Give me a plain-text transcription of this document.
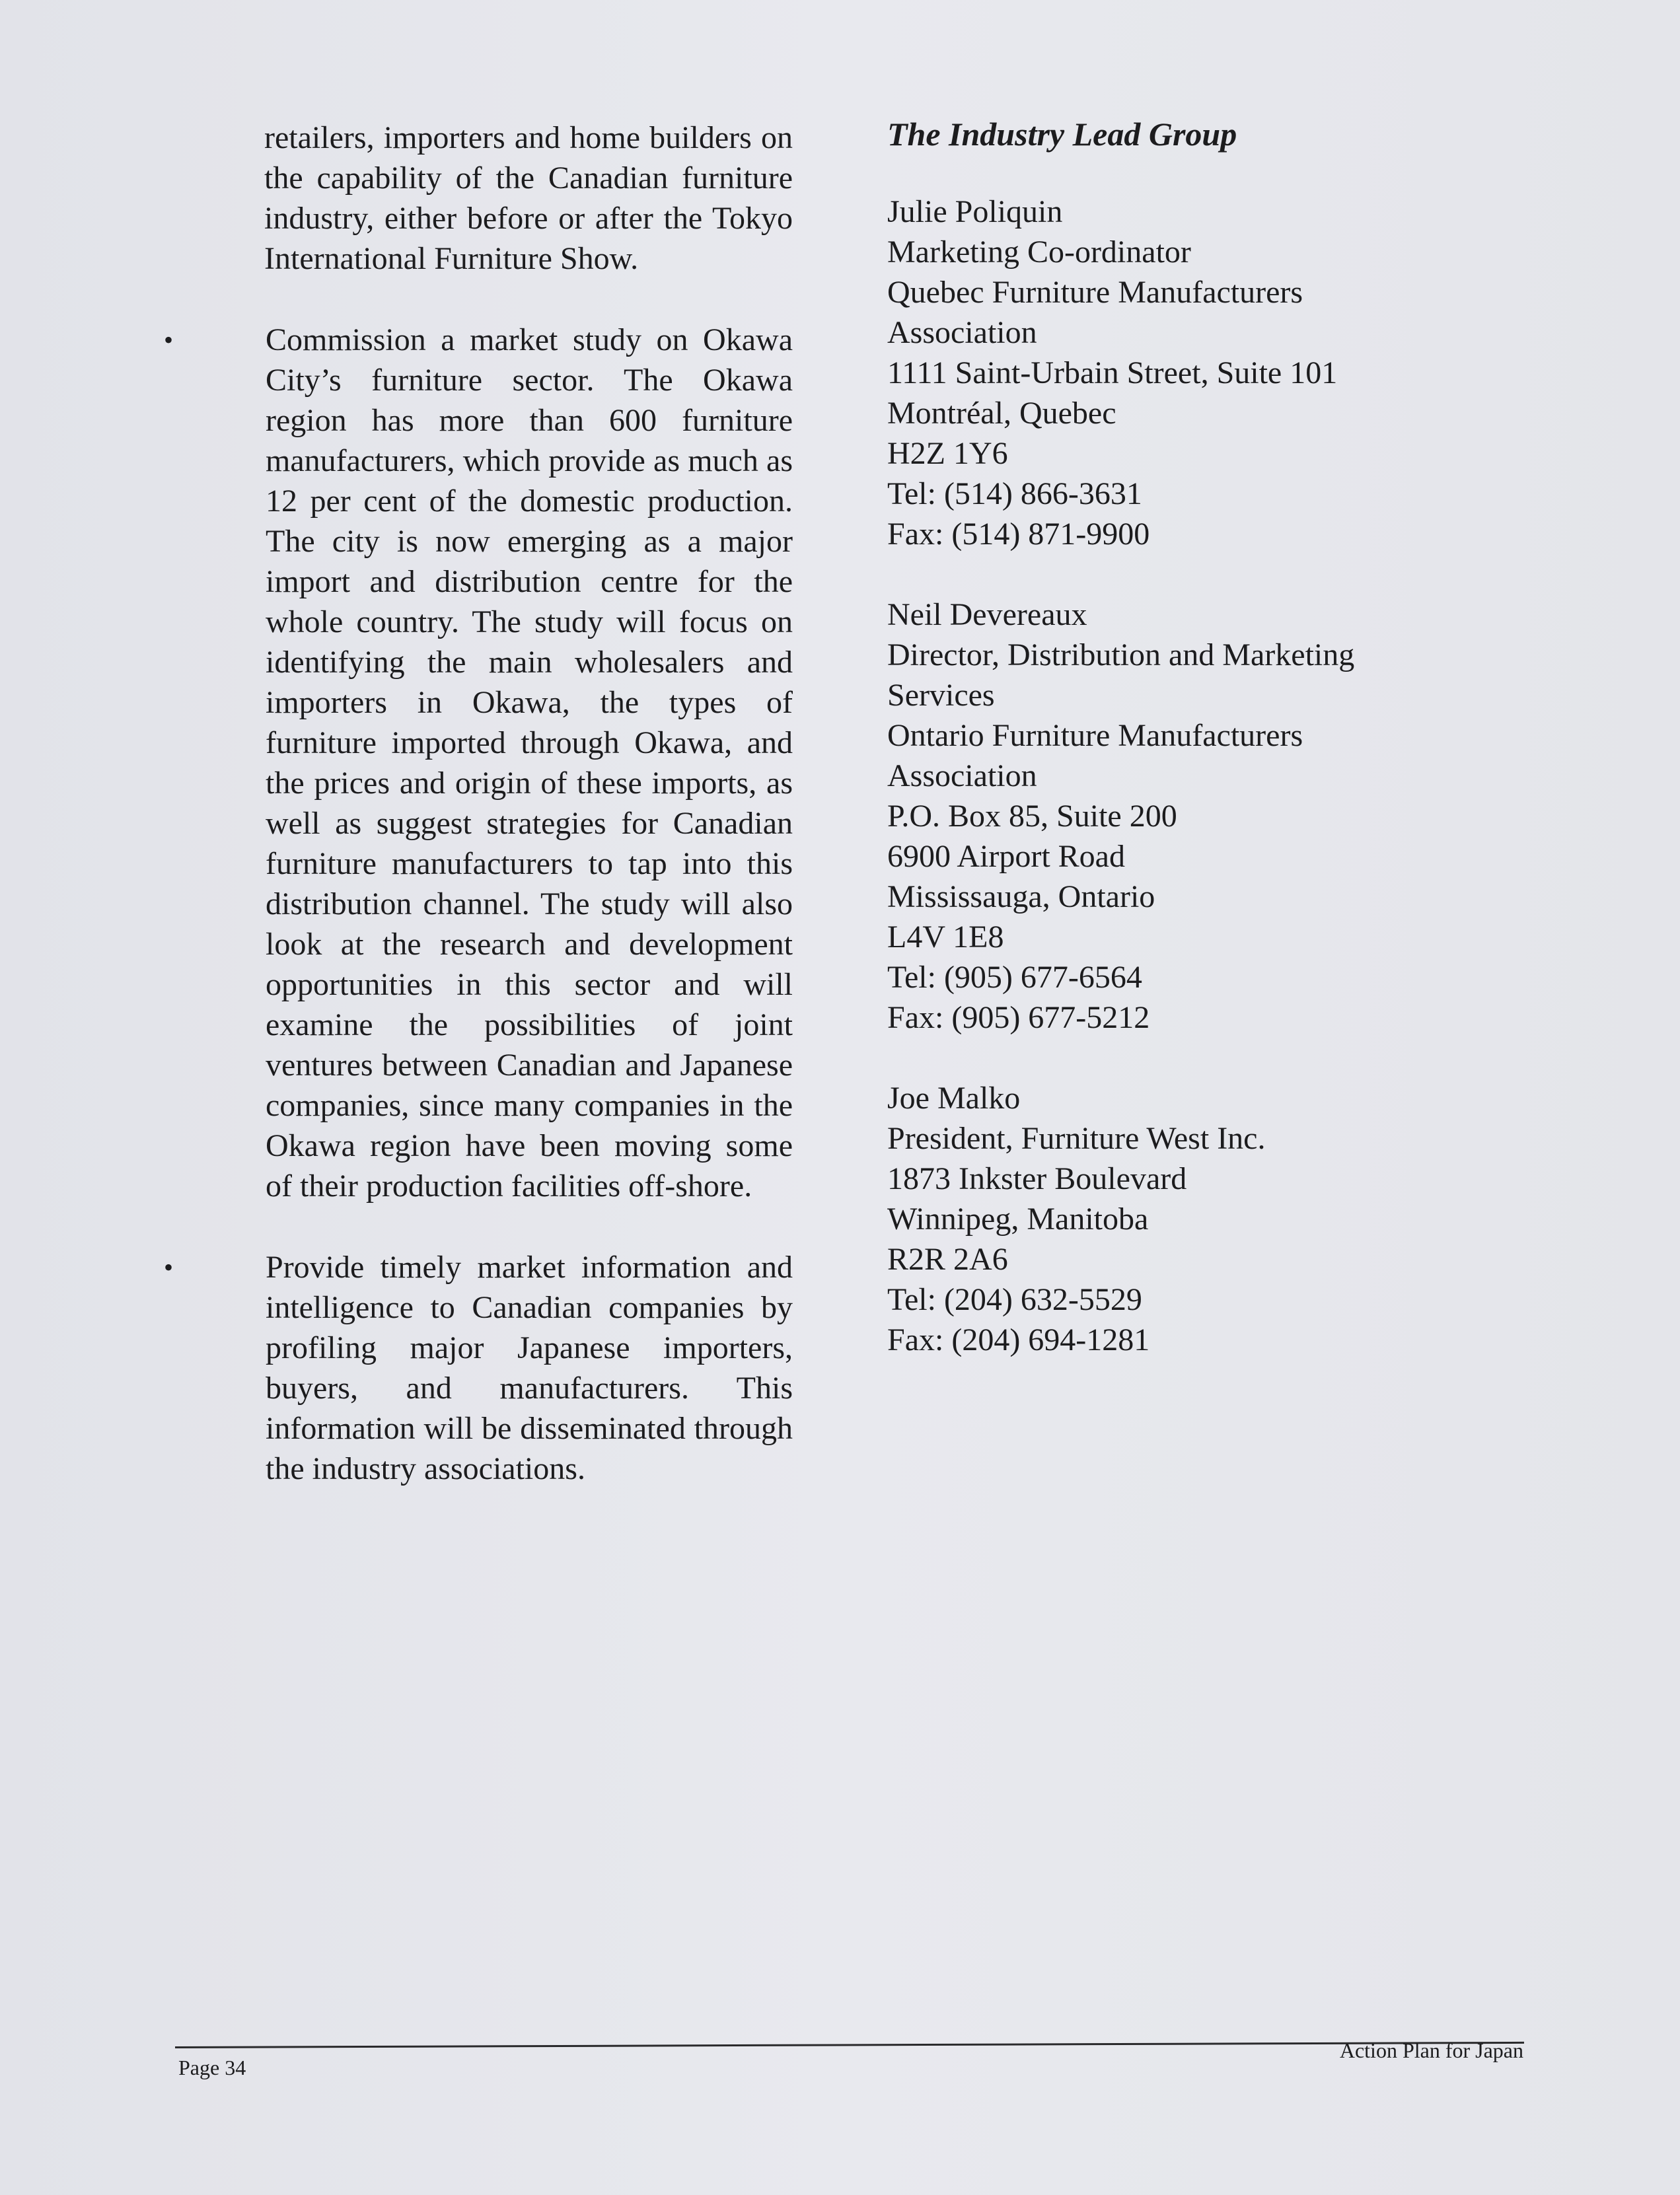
retailers, importers and home builders on the capability of the Canadian furniture industry, either before or after the Tokyo International Furniture Show.

•	Commission a market study on Okawa City’s furniture sector. The Okawa region has more than 600 furniture manufacturers, which provide as much as 12 per cent of the domestic production. The city is now emerging as a major import and distribution centre for the whole country. The study will focus on identifying the main wholesalers and importers in Okawa, the types of furniture imported through Okawa, and the prices and origin of these imports, as well as suggest strategies for Canadian furniture manufacturers to tap into this distribution channel. The study will also look at the research and development opportunities in this sector and will examine the possibilities of joint ventures between Canadian and Japanese companies, since many companies in the Okawa region have been moving some of their production facilities off-shore.

•	Provide timely market information and intelligence to Canadian companies by profiling major Japanese importers, buyers, and manufacturers. This information will be disseminated through the industry associations.

The Industry Lead Group
Julie Poliquin
Marketing Co-ordinator
Quebec Furniture Manufacturers
Association
1111 Saint-Urbain Street, Suite 101
Montréal, Quebec
H2Z 1Y6
Tel: (514) 866-3631
Fax: (514) 871-9900
Neil Devereaux
Director, Distribution and Marketing
Services
Ontario Furniture Manufacturers
Association
P.O. Box 85, Suite 200
6900 Airport Road
Mississauga, Ontario
L4V 1E8
Tel: (905) 677-6564
Fax: (905) 677-5212
Joe Malko
President, Furniture West Inc.
1873 Inkster Boulevard
Winnipeg, Manitoba
R2R 2A6
Tel: (204) 632-5529
Fax: (204) 694-1281
Page 34
Action Plan for Japan
